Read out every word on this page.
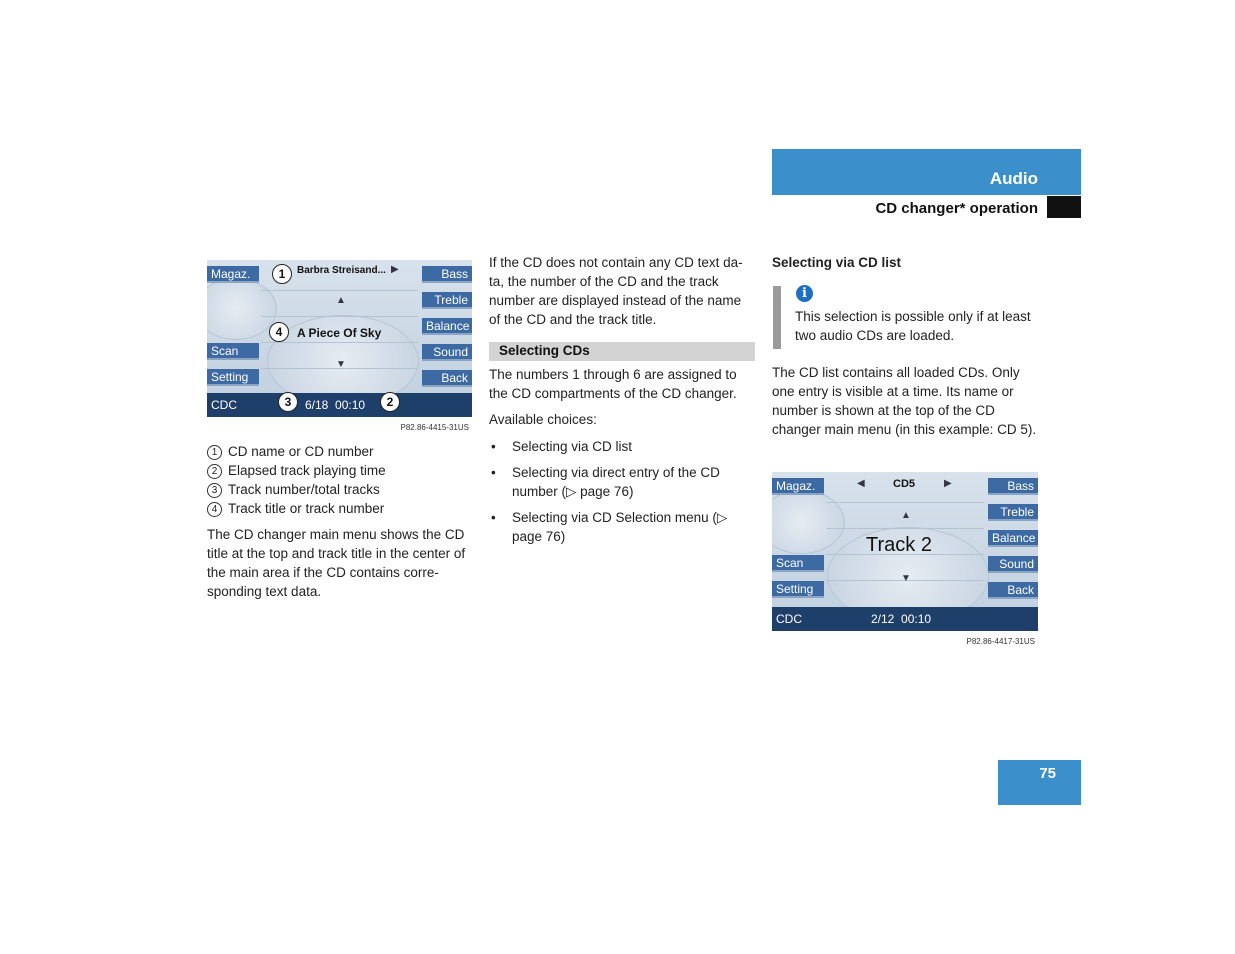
Audio
CD changer* operation
Magaz.
Scan
Setting
Bass
Treble
Balance
Sound
Back
Barbra Streisand... ▶
▲
A Piece Of Sky
▼
CDC	6/18  00:10
1
4
3	2
P82.86-4415-31US

1 CD name or CD number

2 Elapsed track playing time

3 Track number/total tracks

4 Track title or track number

The CD changer main menu shows the CD title at the top and track title in the center of the main area if the CD contains corre-sponding text data.
If the CD does not contain any CD text da-ta, the number of the CD and the track number are displayed instead of the name of the CD and the track title.
Selecting CDs
The numbers 1 through 6 are assigned to the CD compartments of the CD changer.
Available choices:
• Selecting via CD list
• Selecting via direct entry of the CD number (▷ page 76)
• Selecting via CD Selection menu (▷ page 76)
Selecting via CD list
i
This selection is possible only if at least two audio CDs are loaded.
The CD list contains all loaded CDs. Only one entry is visible at a time. Its name or number is shown at the top of the CD changer main menu (in this example: CD 5).
Magaz.
Scan
Setting
Bass
Treble
Balance
Sound
Back
◀	CD5	▶
▲
Track 2
▼
CDC	2/12  00:10
P82.86-4417-31US
75
